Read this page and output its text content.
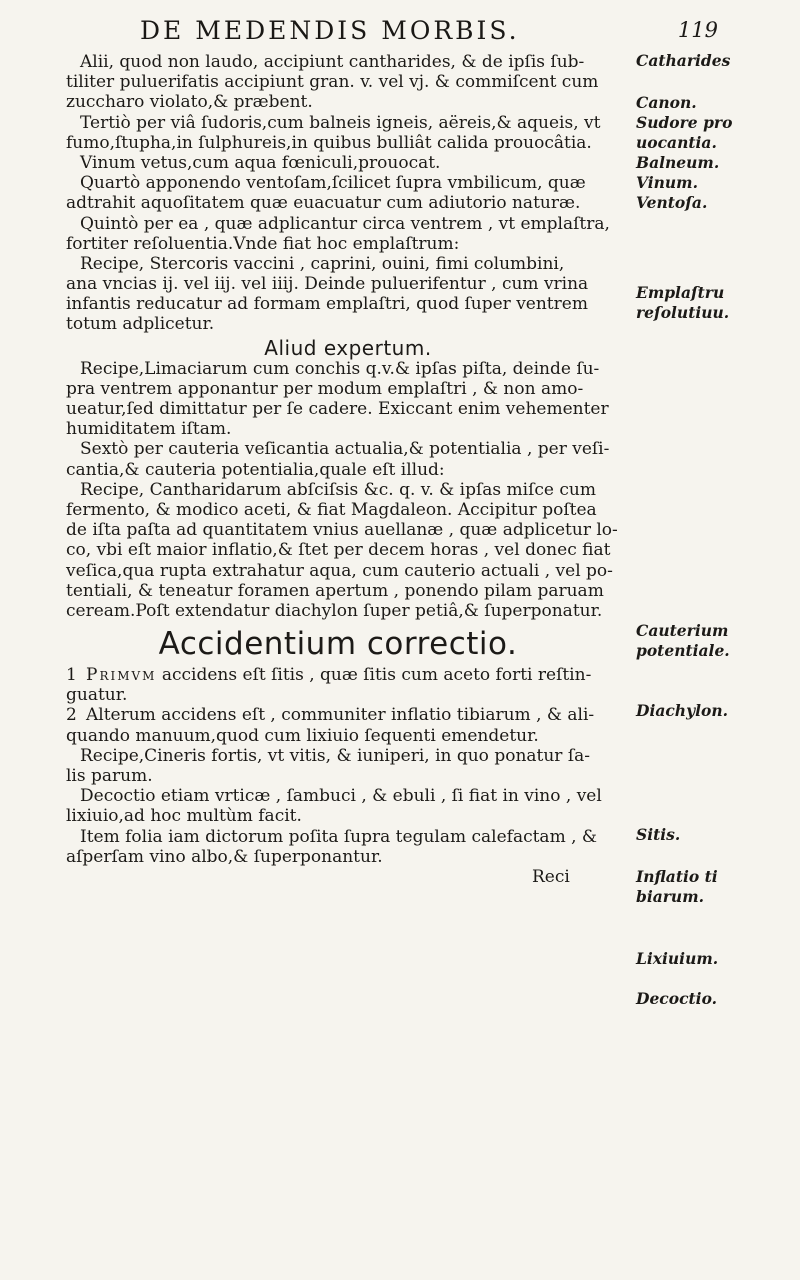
DE MEDENDIS MORBIS.	119
Alii, quod non laudo, accipiunt cantharides, & de ipſis ſub-
tiliter puluerifatis accipiunt gran. v. vel vj. & commiſcent cum
zuccharo violato,& præbent.
Tertiò per viâ ſudoris,cum balneis igneis, aëreis,& aqueis, vt
fumo,ſtupha,in ſulphureis,in quibus bulliât calida prouocâtia.
Vinum vetus,cum aqua fœniculi,prouocat.
Quartò apponendo ventoſam,ſcilicet ſupra vmbilicum, quæ
adtrahit aquoſitatem quæ euacuatur cum adiutorio naturæ.
Quintò per ea , quæ adplicantur circa ventrem , vt emplaſtra,
fortiter reſoluentia.Vnde fiat hoc emplaſtrum:
Recipe, Stercoris vaccini , caprini, ouini, fimi columbini,
ana vncias ij. vel iij. vel iiij. Deinde puluerifentur , cum vrina
infantis reducatur ad formam emplaſtri, quod ſuper ventrem
totum adplicetur.
Aliud expertum.
Recipe,Limaciarum cum conchis q.v.& ipſas piſta, deinde ſu-
pra ventrem apponantur per modum emplaſtri , & non amo-
ueatur,ſed dimittatur per ſe cadere. Exiccant enim vehementer
humiditatem iſtam.
Sextò per cauteria veſicantia actualia,& potentialia , per veſi-
cantia,& cauteria potentialia,quale eſt illud:
Recipe, Cantharidarum abſciſsis &c. q. v. & ipſas miſce cum
fermento, & modico aceti, & fiat Magdaleon. Accipitur poſtea
de iſta paſta ad quantitatem vnius auellanæ , quæ adplicetur lo-
co, vbi eſt maior inflatio,& ſtet per decem horas , vel donec fiat
veſica,qua rupta extrahatur aqua, cum cauterio actuali , vel po-
tentiali, & teneatur foramen apertum , ponendo pilam paruam
ceream.Poſt extendatur diachylon ſuper petiâ,& ſuperponatur.
Accidentium correctio.
1 Primvm accidens eſt ſitis , quæ ſitis cum aceto forti reſtin-
guatur.
2 Alterum accidens eſt , communiter inflatio tibiarum , & ali-
quando manuum,quod cum lixiuio ſequenti emendetur.
Recipe,Cineris fortis, vt vitis, & iuniperi, in quo ponatur ſa-
lis parum.
Decoctio etiam vrticæ , ſambuci , & ebuli , ſi fiat in vino , vel
lixiuio,ad hoc multùm facit.
Item folia iam dictorum poſita ſupra tegulam calefactam , &
aſperſam vino albo,& ſuperponantur.
Reci
Catharides
Canon.
Sudore pro
uocantia.
Balneum.
Vinum.
Ventoſa.
Emplaſtru
reſolutiuu.
Cauterium
potentiale.
Diachylon.
Sitis.
Inflatio ti
biarum.
Lixiuium.
Decoctio.
